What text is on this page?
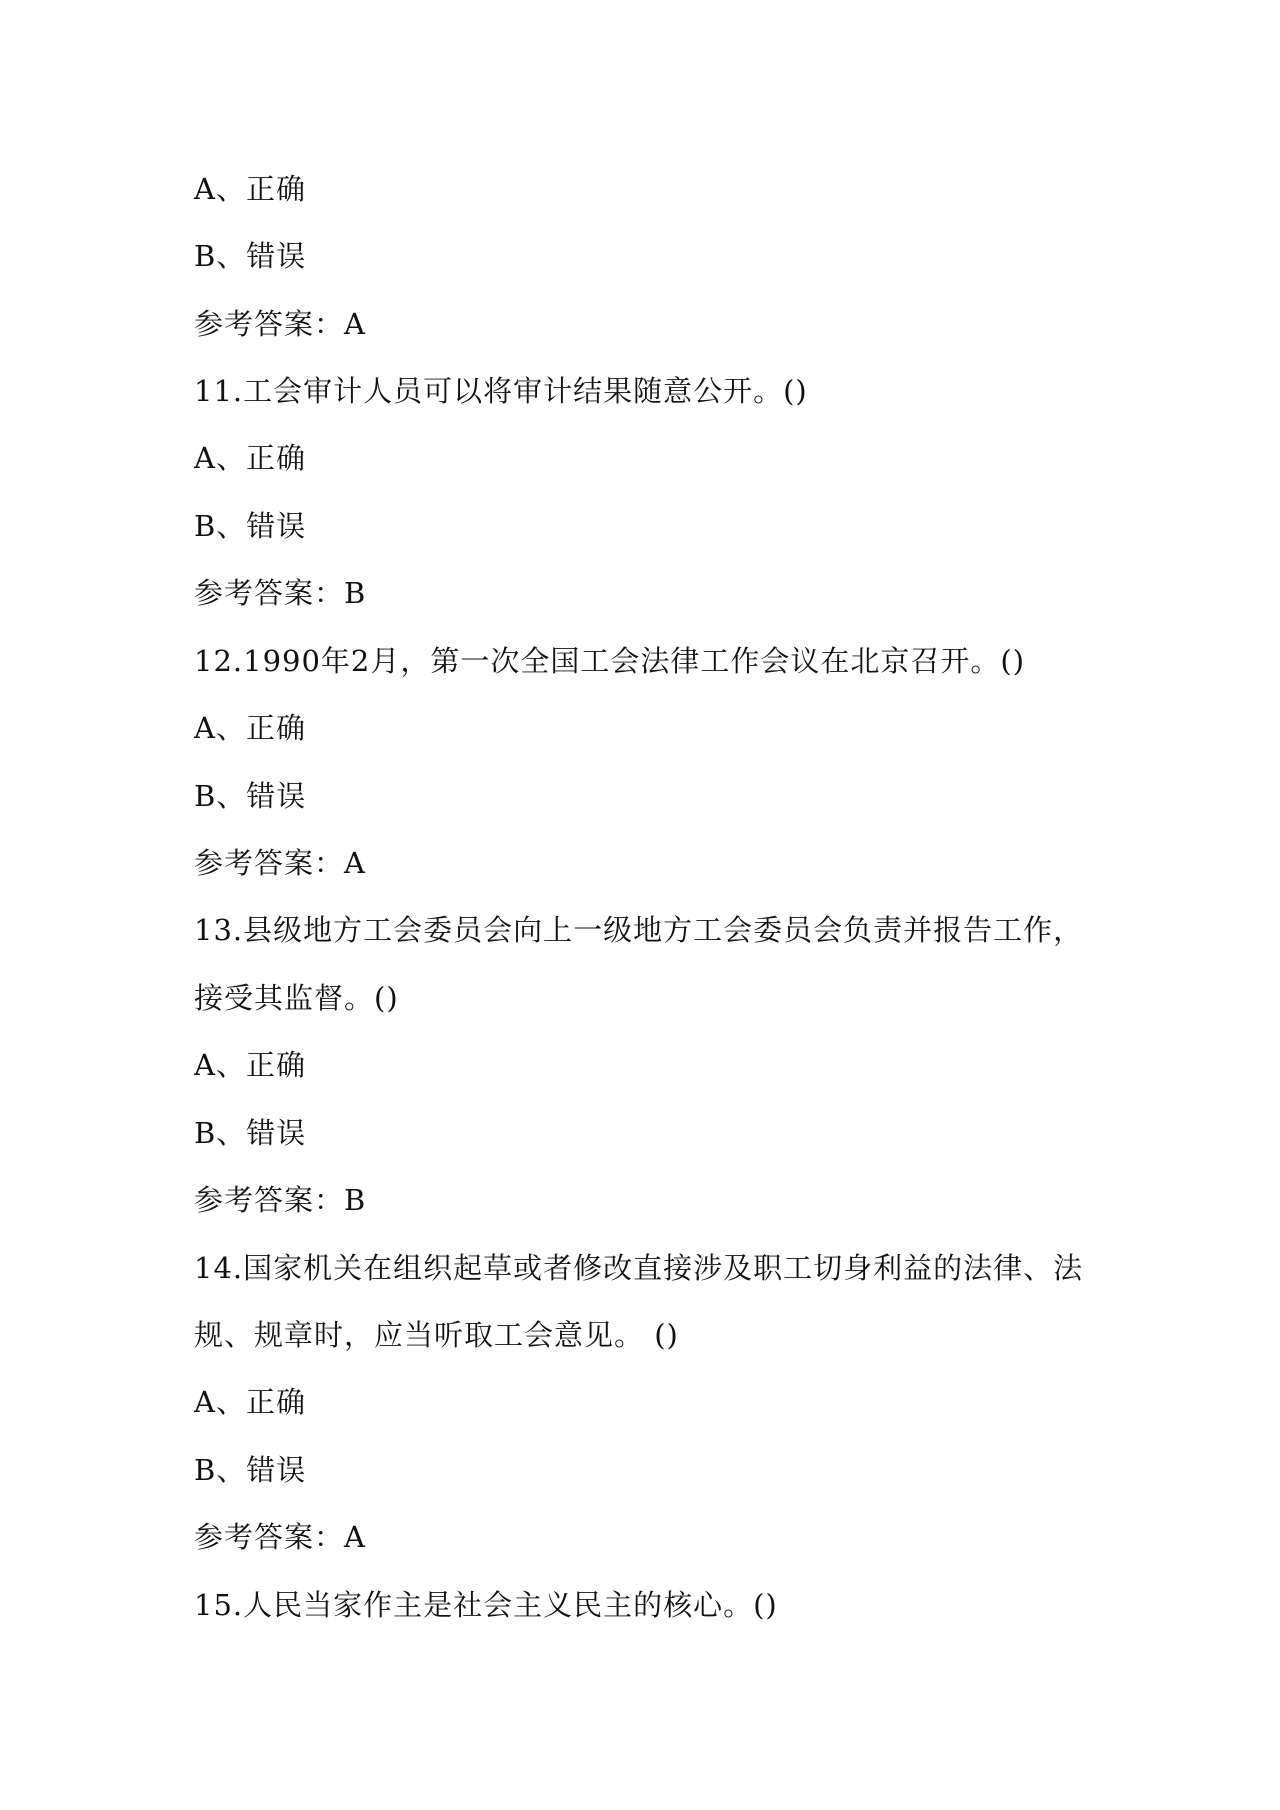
A、正确
B、错误
参考答案：A
11.工会审计人员可以将审计结果随意公开。()
A、正确
B、错误
参考答案：B
12.1990年2月，第一次全国工会法律工作会议在北京召开。()
A、正确
B、错误
参考答案：A
13.县级地方工会委员会向上一级地方工会委员会负责并报告工作，
接受其监督。()
A、正确
B、错误
参考答案：B
14.国家机关在组织起草或者修改直接涉及职工切身利益的法律、法
规、规章时，应当听取工会意见。 ()
A、正确
B、错误
参考答案：A
15.人民当家作主是社会主义民主的核心。()
